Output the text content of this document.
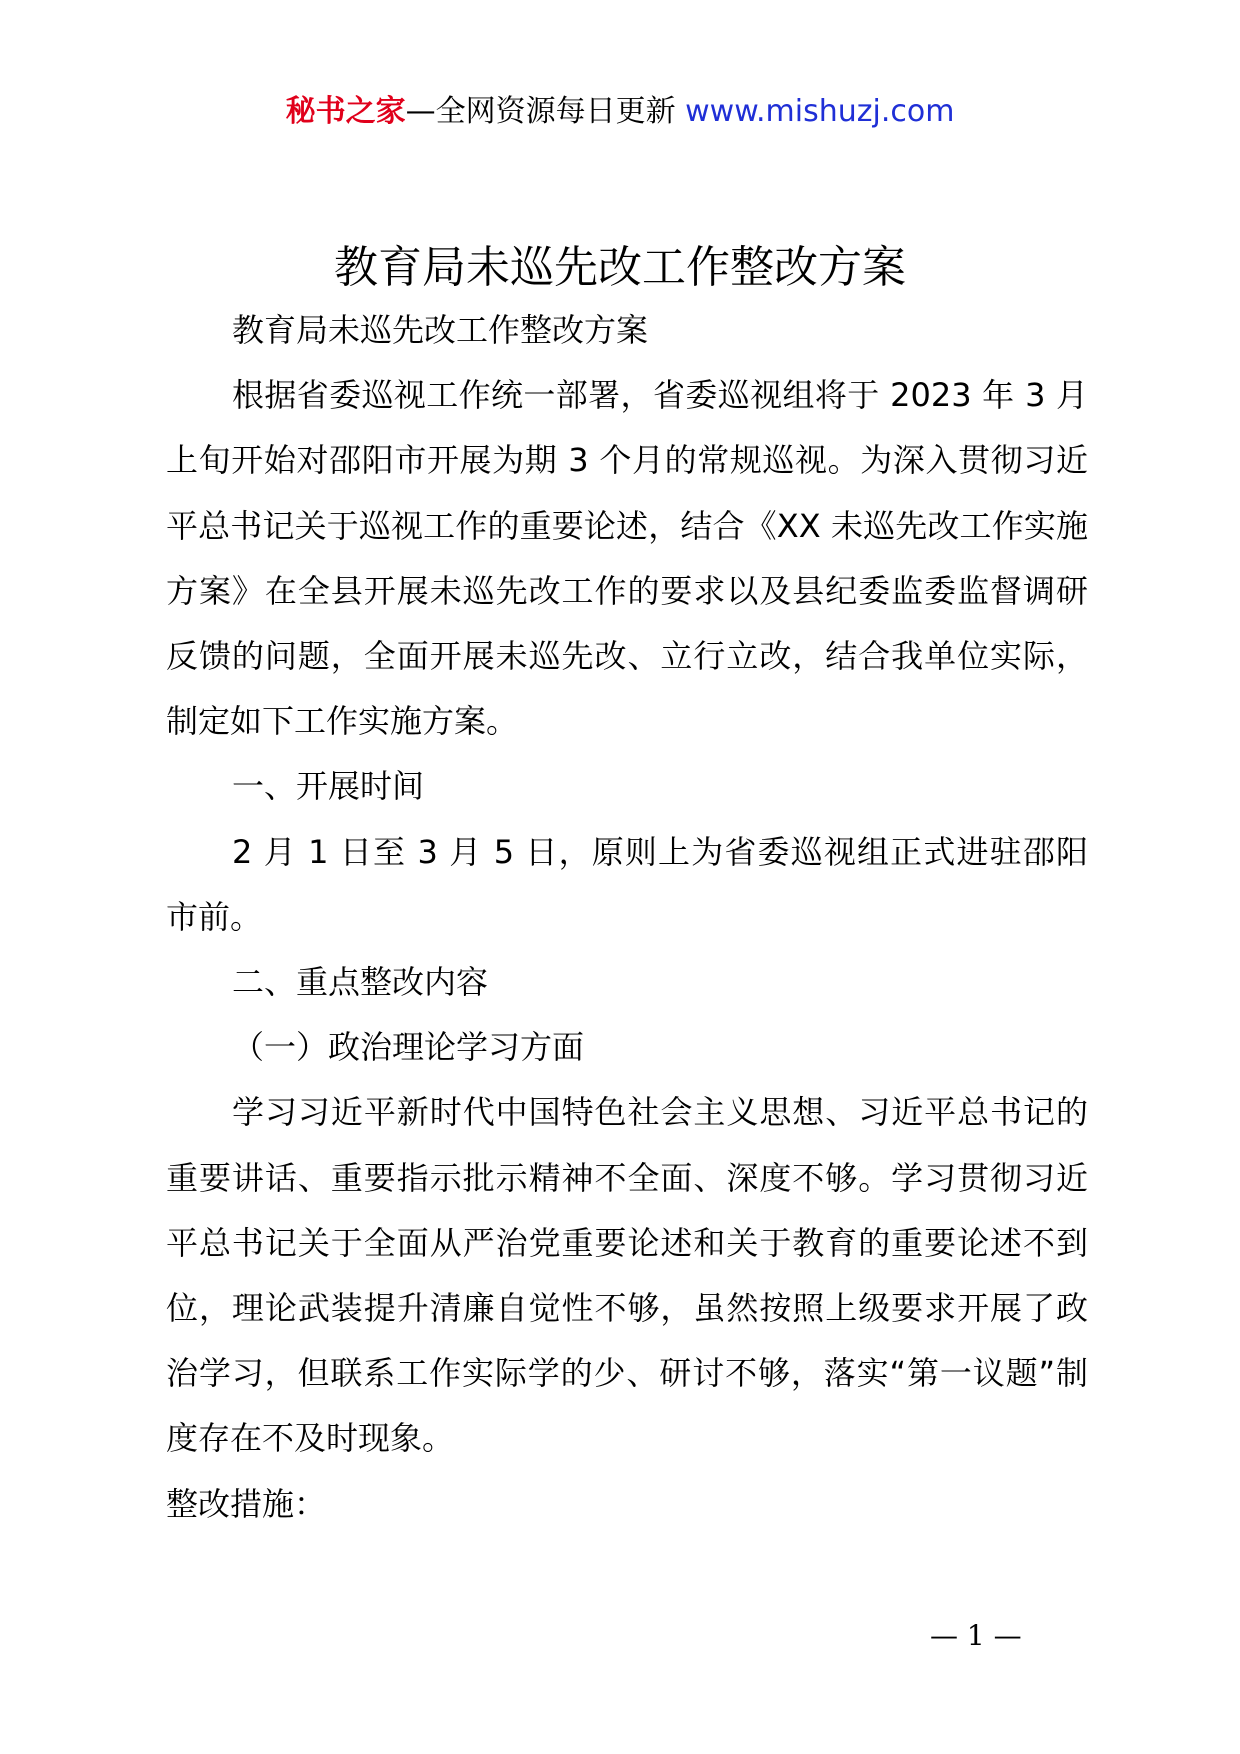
秘书之家—全网资源每日更新 www.mishuzj.com
教育局未巡先改工作整改方案

教育局未巡先改工作整改方案

根据省委巡视工作统一部署，省委巡视组将于 2023 年 3 月上旬开始对邵阳市开展为期 3 个月的常规巡视。为深入贯彻习近平总书记关于巡视工作的重要论述，结合《XX 未巡先改工作实施方案》在全县开展未巡先改工作的要求以及县纪委监委监督调研反馈的问题，全面开展未巡先改、立行立改，结合我单位实际，制定如下工作实施方案。

一、开展时间

2 月 1 日至 3 月 5 日，原则上为省委巡视组正式进驻邵阳市前。

二、重点整改内容

（一）政治理论学习方面

学习习近平新时代中国特色社会主义思想、习近平总书记的重要讲话、重要指示批示精神不全面、深度不够。学习贯彻习近平总书记关于全面从严治党重要论述和关于教育的重要论述不到位，理论武装提升清廉自觉性不够，虽然按照上级要求开展了政治学习，但联系工作实际学的少、研讨不够，落实“第一议题”制度存在不及时现象。

整改措施：

— 1 —
